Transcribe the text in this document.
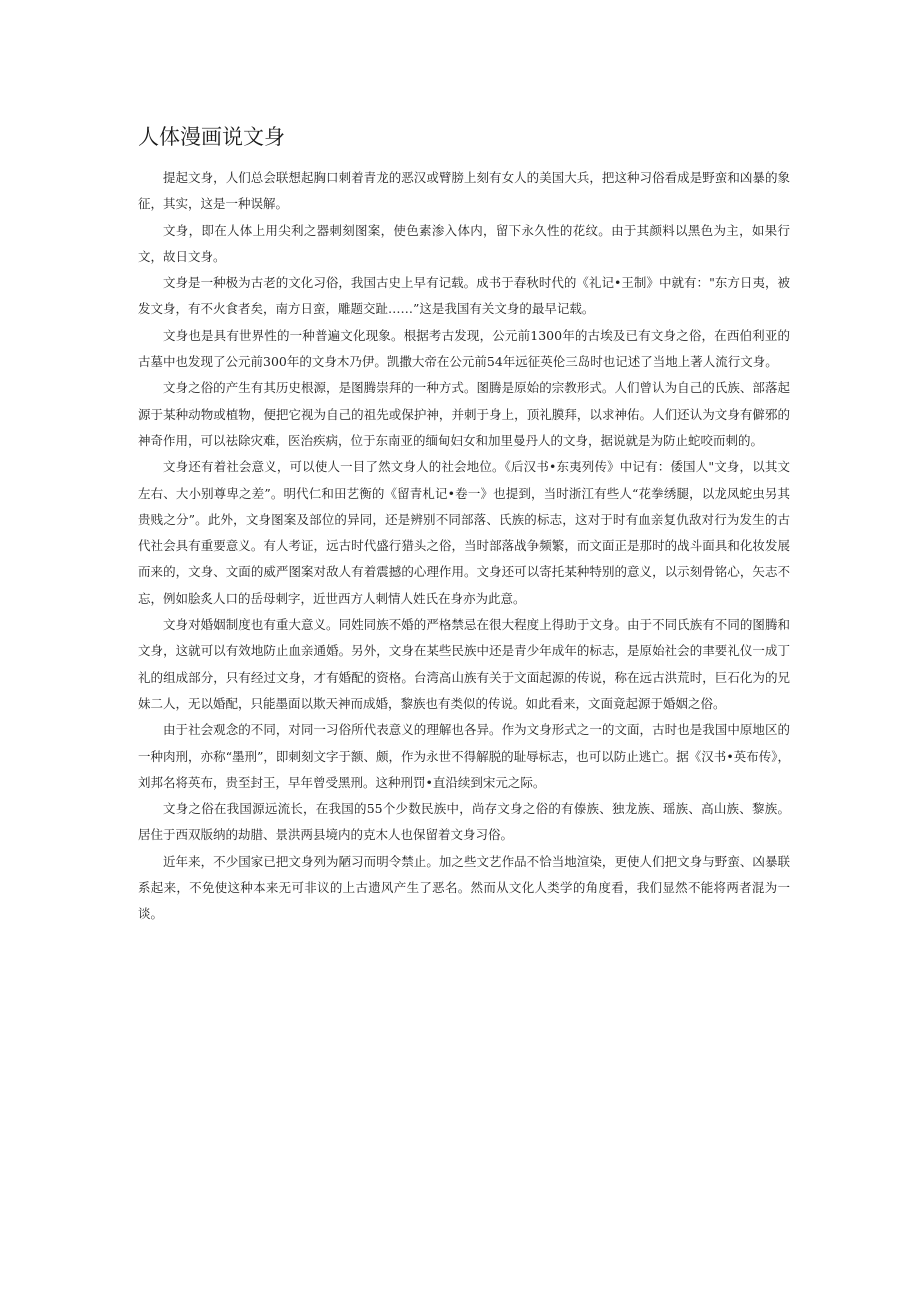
人体漫画说文身

提起文身，人们总会联想起胸口刺着青龙的恶汉或臂膀上刻有女人的美国大兵，把这种习俗看成是野蛮和凶暴的象征，其实，这是一种误解。

文身，即在人体上用尖利之器刺刻图案，使色素渗入体内，留下永久性的花纹。由于其颜料以黑色为主，如果行文，故日文身。

文身是一种极为古老的文化习俗，我国古史上早有记载。成书于春秋时代的《礼记•王制》中就有："东方日夷，被发文身，有不火食者矣，南方日蛮，雕题交趾……”这是我国有关文身的最早记载。

文身也是具有世界性的一种普遍文化现象。根据考古发现，公元前1300年的古埃及已有文身之俗，在西伯利亚的古墓中也发现了公元前300年的文身木乃伊。凯撒大帝在公元前54年远征英伦三岛时也记述了当地上著人流行文身。

文身之俗的产生有其历史根源，是图腾崇拜的一种方式。图腾是原始的宗教形式。人们曾认为自己的氏族、部落起源于某种动物或植物，便把它视为自己的祖先或保护神，并刺于身上，顶礼膜拜，以求神佑。人们还认为文身有僻邪的神奇作用，可以祛除灾难，医治疾病，位于东南亚的缅甸妇女和加里曼丹人的文身，据说就是为防止蛇咬而刺的。

文身还有着社会意义，可以使人一目了然文身人的社会地位。《后汉书•东夷列传》中记有：倭国人"文身，以其文左右、大小别尊卑之差”。明代仁和田艺衡的《留青札记•卷一》也提到，当时浙江有些人“花拳绣腿，以龙凤蛇虫另其贵贱之分”。此外，文身图案及部位的异同，还是辨别不同部落、氏族的标志，这对于时有血亲复仇敌对行为发生的古代社会具有重要意义。有人考证，远古时代盛行猎头之俗，当时部落战争频繁，而文面正是那时的战斗面具和化妆发展而来的，文身、文面的威严图案对敌人有着震撼的心理作用。文身还可以寄托某种特别的意义，以示刻骨铭心，矢志不忘，例如脍炙人口的岳母刺字，近世西方人刺情人姓氏在身亦为此意。

文身对婚姻制度也有重大意义。同姓同族不婚的严格禁忌在很大程度上得助于文身。由于不同氏族有不同的图腾和文身，这就可以有效地防止血亲通婚。另外，文身在某些民族中还是青少年成年的标志，是原始社会的聿要礼仪一成丁礼的组成部分，只有经过文身，才有婚配的资格。台湾高山族有关于文面起源的传说，称在远古洪荒时，巨石化为的兄妹二人，无以婚配，只能墨面以欺天神而成婚，黎族也有类似的传说。如此看来，文面竟起源于婚姻之俗。

由于社会观念的不同，对同一习俗所代表意义的理解也各异。作为文身形式之一的文面，古时也是我国中原地区的一种肉刑，亦称“墨刑”，即刺刻文字于额、颇，作为永世不得解脱的耻辱标志，也可以防止逃亡。据《汉书•英布传》，刘邦名将英布，贵至封王，早年曾受黑刑。这种刑罚•直沿续到宋元之际。

文身之俗在我国源远流长，在我国的55个少数民族中，尚存文身之俗的有傣族、独龙族、瑶族、高山族、黎族。居住于西双版纳的劫腊、景洪两县境内的克木人也保留着文身习俗。

近年来，不少国家已把文身列为陋习而明令禁止。加之些文艺作品不恰当地渲染，更使人们把文身与野蛮、凶暴联系起来，不免使这种本来无可非议的上古遗风产生了恶名。然而从文化人类学的角度看，我们显然不能将两者混为一谈。
